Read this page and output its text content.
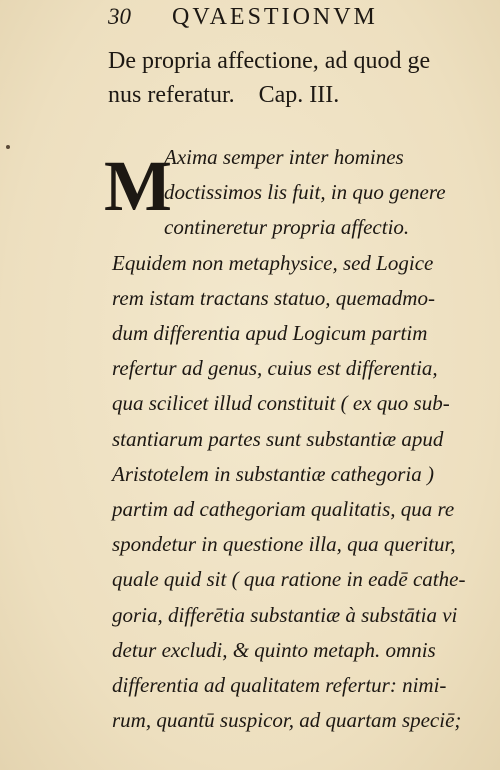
30	QVAESTIONVM
De propria affectione, ad quod ge
nus referatur.    Cap. III.
M
Axima semper inter homines
doctissimos lis fuit, in quo genere
contineretur propria affectio.
Equidem non metaphysice, sed Logice
rem istam tractans statuo, quemadmo-
dum differentia apud Logicum partim
refertur ad genus, cuius est differentia,
qua scilicet illud constituit ( ex quo sub-
stantiarum partes sunt substantiæ apud
Aristotelem in substantiæ cathegoria )
partim ad cathegoriam qualitatis, qua re
spondetur in questione illa, qua queritur,
quale quid sit ( qua ratione in eadē cathe-
goria, differētia substantiæ à substātia vi
detur excludi, & quinto metaph. omnis
differentia ad qualitatem refertur: nimi-
rum, quantū suspicor, ad quartam speciē;
